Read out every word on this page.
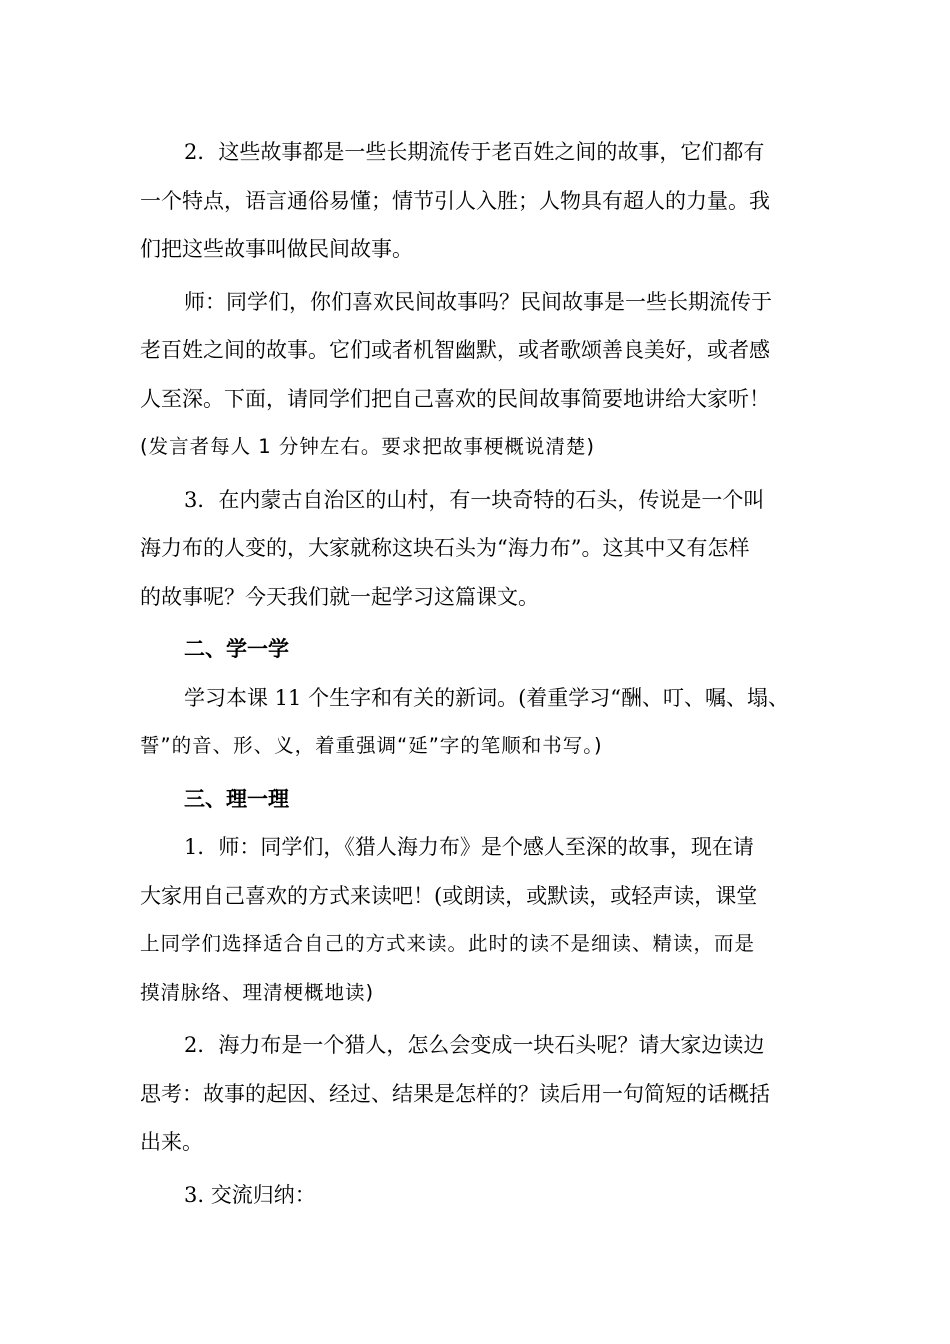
2．这些故事都是一些长期流传于老百姓之间的故事，它们都有
一个特点，语言通俗易懂；情节引人入胜；人物具有超人的力量。我
们把这些故事叫做民间故事。
师：同学们，你们喜欢民间故事吗？民间故事是一些长期流传于
老百姓之间的故事。它们或者机智幽默，或者歌颂善良美好，或者感
人至深。下面，请同学们把自己喜欢的民间故事简要地讲给大家听！
(发言者每人 1 分钟左右。要求把故事梗概说清楚)
3．在内蒙古自治区的山村，有一块奇特的石头，传说是一个叫
海力布的人变的，大家就称这块石头为“海力布”。这其中又有怎样
的故事呢？今天我们就一起学习这篇课文。
二、学一学
学习本课 11 个生字和有关的新词。(着重学习“酬、叮、嘱、塌、
誓”的音、形、义，着重强调“延”字的笔顺和书写。)
三、理一理
1．师：同学们，《猎人海力布》是个感人至深的故事，现在请
大家用自己喜欢的方式来读吧！(或朗读，或默读，或轻声读，课堂
上同学们选择适合自己的方式来读。此时的读不是细读、精读，而是
摸清脉络、理清梗概地读)
2．海力布是一个猎人，怎么会变成一块石头呢？请大家边读边
思考：故事的起因、经过、结果是怎样的？读后用一句简短的话概括
出来。
3. 交流归纳：
